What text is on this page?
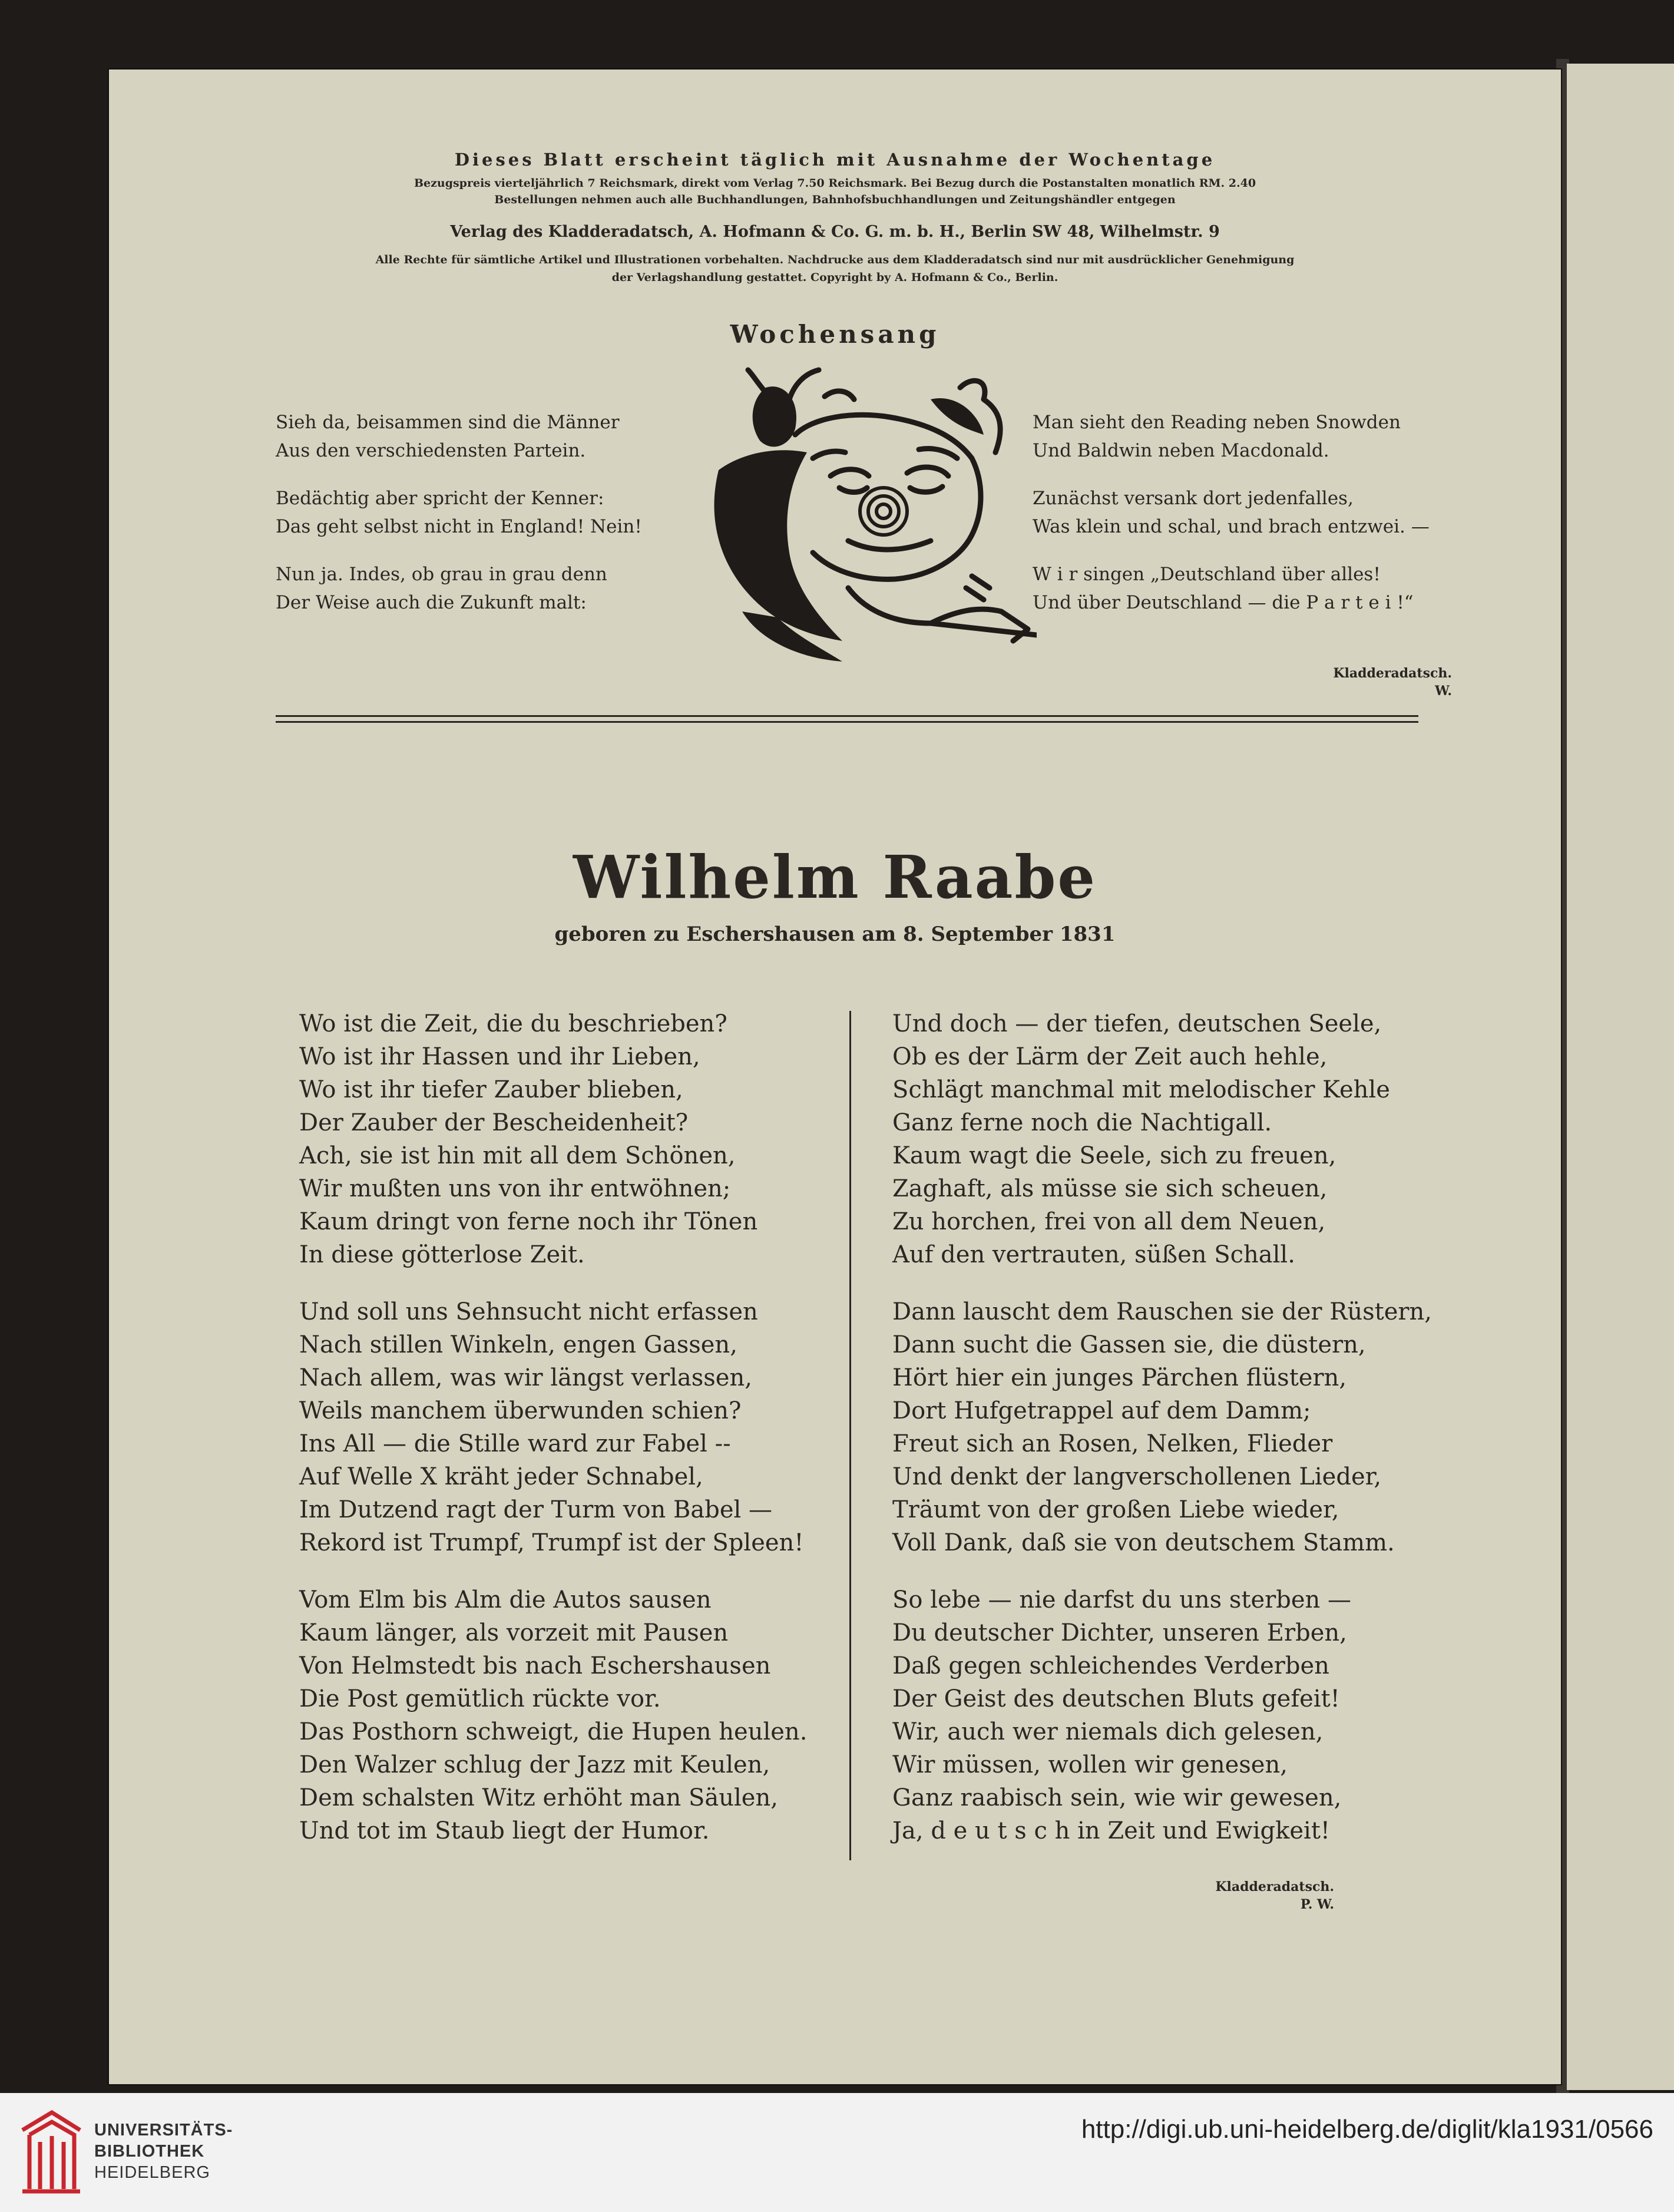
Dieses Blatt erscheint täglich mit Ausnahme der Wochentage
Bezugspreis vierteljährlich 7 Reichsmark, direkt vom Verlag 7.50 Reichsmark. Bei Bezug durch die Postanstalten monatlich RM. 2.40
Bestellungen nehmen auch alle Buchhandlungen, Bahnhofsbuchhandlungen und Zeitungshändler entgegen
Verlag des Kladderadatsch, A. Hofmann & Co. G. m. b. H., Berlin SW 48, Wilhelmstr. 9
Alle Rechte für sämtliche Artikel und Illustrationen vorbehalten. Nachdrucke aus dem Kladderadatsch sind nur mit ausdrücklicher Genehmigung
der Verlagshandlung gestattet. Copyright by A. Hofmann & Co., Berlin.
Wochensang

Sieh da, beisammen sind die Männer
Aus den verschiedensten Partein.

Bedächtig aber spricht der Kenner:
Das geht selbst nicht in England! Nein!

Nun ja. Indes, ob grau in grau denn
Der Weise auch die Zukunft malt:

Man sieht den Reading neben Snowden
Und Baldwin neben Macdonald.

Zunächst versank dort jedenfalles,
Was klein und schal, und brach entzwei. —

W i r singen „Deutschland über alles!
Und über Deutschland — die P a r t e i !“

Kladderadatsch.
W.
Wilhelm Raabe
geboren zu Eschershausen am 8. September 1831
Wo ist die Zeit, die du beschrieben?
Wo ist ihr Hassen und ihr Lieben,
Wo ist ihr tiefer Zauber blieben,
Der Zauber der Bescheidenheit?
Ach, sie ist hin mit all dem Schönen,
Wir mußten uns von ihr entwöhnen;
Kaum dringt von ferne noch ihr Tönen
In diese götterlose Zeit.
Und soll uns Sehnsucht nicht erfassen
Nach stillen Winkeln, engen Gassen,
Nach allem, was wir längst verlassen,
Weils manchem überwunden schien?
Ins All — die Stille ward zur Fabel --
Auf Welle X kräht jeder Schnabel,
Im Dutzend ragt der Turm von Babel —
Rekord ist Trumpf, Trumpf ist der Spleen!
Vom Elm bis Alm die Autos sausen
Kaum länger, als vorzeit mit Pausen
Von Helmstedt bis nach Eschershausen
Die Post gemütlich rückte vor.
Das Posthorn schweigt, die Hupen heulen.
Den Walzer schlug der Jazz mit Keulen,
Dem schalsten Witz erhöht man Säulen,
Und tot im Staub liegt der Humor.
Und doch — der tiefen, deutschen Seele,
Ob es der Lärm der Zeit auch hehle,
Schlägt manchmal mit melodischer Kehle
Ganz ferne noch die Nachtigall.
Kaum wagt die Seele, sich zu freuen,
Zaghaft, als müsse sie sich scheuen,
Zu horchen, frei von all dem Neuen,
Auf den vertrauten, süßen Schall.
Dann lauscht dem Rauschen sie der Rüstern,
Dann sucht die Gassen sie, die düstern,
Hört hier ein junges Pärchen flüstern,
Dort Hufgetrappel auf dem Damm;
Freut sich an Rosen, Nelken, Flieder
Und denkt der langverschollenen Lieder,
Träumt von der großen Liebe wieder,
Voll Dank, daß sie von deutschem Stamm.
So lebe — nie darfst du uns sterben —
Du deutscher Dichter, unseren Erben,
Daß gegen schleichendes Verderben
Der Geist des deutschen Bluts gefeit!
Wir, auch wer niemals dich gelesen,
Wir müssen, wollen wir genesen,
Ganz raabisch sein, wie wir gewesen,
Ja, d e u t s c h in Zeit und Ewigkeit!
Kladderadatsch.
P. W.
UNIVERSITÄTS-
BIBLIOTHEK
HEIDELBERG
http://digi.ub.uni-heidelberg.de/diglit/kla1931/0566
